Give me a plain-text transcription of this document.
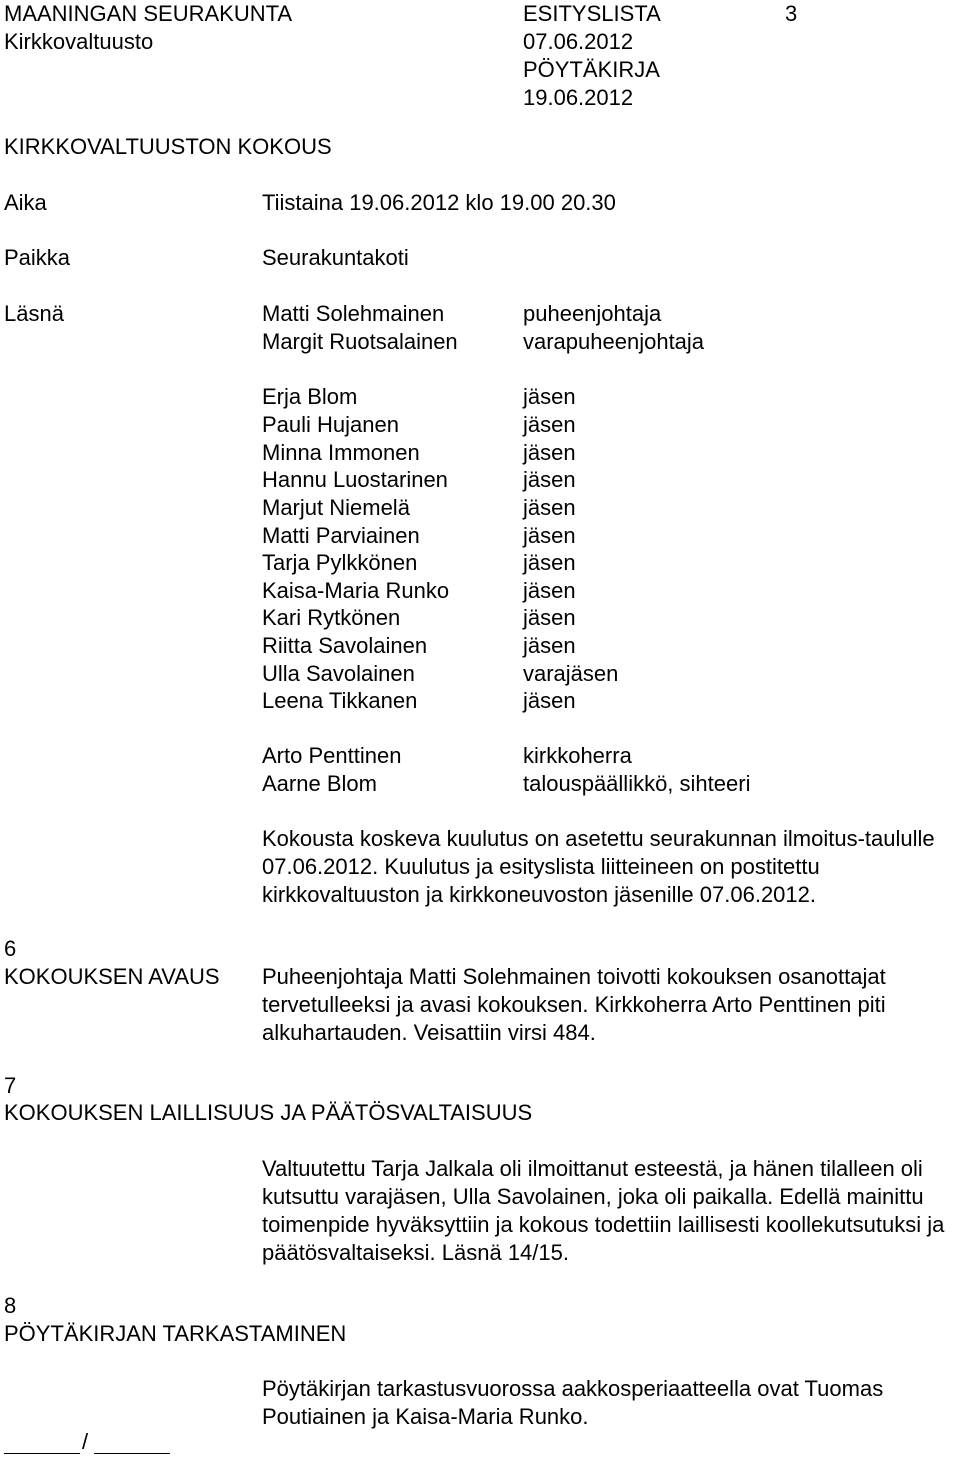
MAANINGAN SEURAKUNTA
Kirkkovaltuusto
ESITYSLISTA
07.06.2012
PÖYTÄKIRJA
19.06.2012
3
KIRKKOVALTUUSTON KOKOUS
Aika	Tiistaina 19.06.2012 klo 19.00 20.30
Paikka	Seurakuntakoti
Läsnä	Matti Solehmainen	puheenjohtaja
Margit Ruotsalainen	varapuheenjohtaja
Erja Blom	jäsen
Pauli Hujanen	jäsen
Minna Immonen	jäsen
Hannu Luostarinen	jäsen
Marjut Niemelä	jäsen
Matti Parviainen	jäsen
Tarja Pylkkönen	jäsen
Kaisa-Maria Runko	jäsen
Kari Rytkönen	jäsen
Riitta Savolainen	jäsen
Ulla Savolainen	varajäsen
Leena Tikkanen	jäsen
Arto Penttinen	kirkkoherra
Aarne Blom	talouspäällikkö, sihteeri
Kokousta koskeva kuulutus on asetettu seurakunnan ilmoitus-taululle 07.06.2012. Kuulutus ja esityslista liitteineen on postitettu kirkkovaltuuston ja kirkkoneuvoston jäsenille 07.06.2012.
6
KOKOUKSEN AVAUS Puheenjohtaja Matti Solehmainen toivotti kokouksen osanottajat tervetulleeksi ja avasi kokouksen. Kirkkoherra Arto Penttinen piti alkuhartauden. Veisattiin virsi 484.
7
KOKOUKSEN LAILLISUUS JA PÄÄTÖSVALTAISUUS
Valtuutettu Tarja Jalkala oli ilmoittanut esteestä, ja hänen tilalleen oli kutsuttu varajäsen, Ulla Savolainen, joka oli paikalla. Edellä mainittu toimenpide hyväksyttiin ja kokous todettiin laillisesti koollekutsutuksi ja päätösvaltaiseksi. Läsnä 14/15.
8
PÖYTÄKIRJAN TARKASTAMINEN
Pöytäkirjan tarkastusvuorossa aakkosperiaatteella ovat Tuomas Poutiainen ja Kaisa-Maria Runko.
/
